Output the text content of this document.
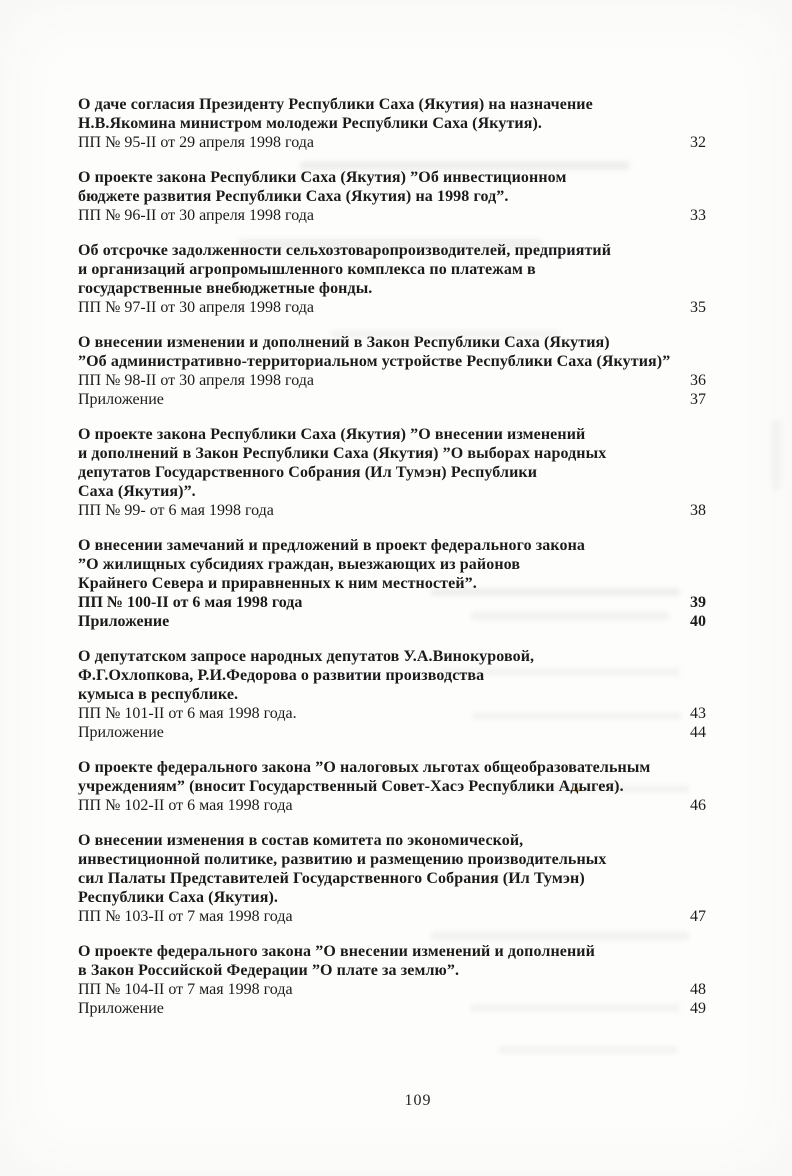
О даче согласия Президенту Республики Саха (Якутия) на назначение
Н.В.Якомина министром молодежи Республики Саха (Якутия).
ПП № 95-II от 29 апреля 1998 года	32
О проекте закона Республики Саха (Якутия) ”Об инвестиционном
бюджете развития Республики Саха (Якутия) на 1998 год”.
ПП № 96-II от 30 апреля 1998 года	33
Об отсрочке задолженности сельхозтоваропроизводителей, предприятий
и организаций агропромышленного комплекса по платежам в
государственные внебюджетные фонды.
ПП № 97-II от 30 апреля 1998 года	35
О внесении изменении и дополнений в Закон Республики Саха (Якутия)
”Об административно-территориальном устройстве Республики Саха (Якутия)”
ПП № 98-II от 30 апреля 1998 года	36
Приложение	37
О проекте закона Республики Саха (Якутия) ”О внесении изменений
и дополнений в Закон Республики Саха (Якутия) ”О выборах народных
депутатов Государственного Собрания (Ил Тумэн) Республики
Саха (Якутия)”.
ПП № 99- от 6 мая 1998 года	38
О внесении замечаний и предложений в проект федерального закона
”О жилищных субсидиях граждан, выезжающих из районов
Крайнего Севера и приравненных к ним местностей”.
ПП № 100-II от 6 мая 1998 года	39
Приложение	40
О депутатском запросе народных депутатов У.А.Винокуровой,
Ф.Г.Охлопкова, Р.И.Федорова о развитии производства
кумыса в республике.
ПП № 101-II от 6 мая 1998 года.	43
Приложение	44
О проекте федерального закона ”О налоговых льготах общеобразовательным
учреждениям” (вносит Государственный Совет-Хасэ Республики Адыгея).
ПП № 102-II от 6 мая 1998 года	46
О внесении изменения в состав комитета по экономической,
инвестиционной политике, развитию и размещению производительных
сил Палаты Представителей Государственного Собрания (Ил Тумэн)
Республики Саха (Якутия).
ПП № 103-II от 7 мая 1998 года	47
О проекте федерального закона ”О внесении изменений и дополнений
в Закон Российской Федерации ”О плате за землю”.
ПП № 104-II от 7 мая 1998 года	48
Приложение	49
109
